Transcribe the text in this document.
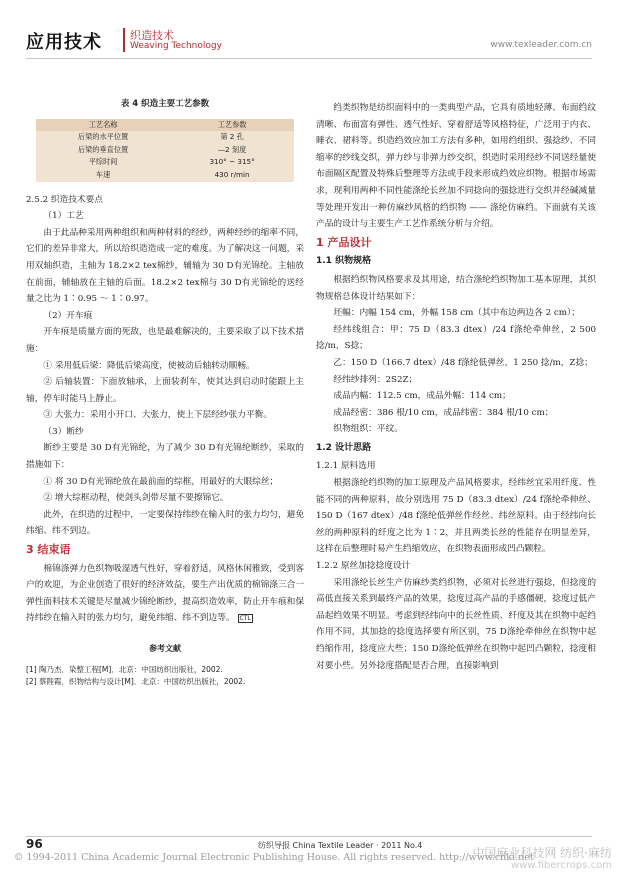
应用技术	织造技术
Weaving Technology	www.texleader.com.cn
表 4 织造主要工艺参数
工艺名称	工艺参数
后梁的水平位置	第 2 孔
后梁的垂直位置	—2 刻度
平综时间	310° ~ 315°
车速	430 r/min

2.5.2 织造技术要点

（1）工艺

由于此品种采用两种组织和两种材料的经纱，两种经纱的缩率不同，它们的差异非常大，所以给织造造成一定的难度。为了解决这一问题，采用双轴织造，主轴为 18.2×2 tex棉纱，辅轴为 30 D有光锦纶。主轴放在前面，辅轴放在主轴的后面。18.2×2 tex棉与 30 D有光锦纶的送经量之比为 1∶0.95 ～ 1∶0.97。

（2）开车痕

开车痕是质量方面的死敌，也是最难解决的，主要采取了以下技术措施：

① 采用低后梁：降低后梁高度，使被动后轴转动顺畅。

② 后轴装置：下面放轴承，上面装刹车，使其达到启动时能跟上主轴，停车时能马上静止。

③ 大张力：采用小开口、大张力，使上下层经纱张力平衡。

（3）断纱

断纱主要是 30 D有光锦纶，为了减少 30 D有光锦纶断纱，采取的措施如下：

① 将 30 D有光锦纶放在最前面的综框，用最好的大眼综丝；

② 增大综框动程，使剑头剑带尽量不要擦锦它。

此外，在织造的过程中，一定要保持纬纱在输入时的张力均匀，避免纬缩、纬不到边。

3 结束语

棉锦涤弹力色织物吸湿透气性好，穿着舒适，风格休闲雅致，受到客户的欢迎，为企业创造了很好的经济效益，要生产出优质的棉锦涤三合一弹性面料技术关键是尽量减少锦纶断纱，提高织造效率，防止开车痕和保持纬纱在输入时的张力均匀，避免纬缩、纬不到边等。 CTL

参考文献
[1] 陶乃杰．染整工程[M]．北京：中国纺织出版社，2002.
[2] 蔡陛霞．织物结构与设计[M]．北京：中国纺织出版社，2002.

绉类织物是纺织面料中的一类典型产品，它具有质地轻薄、布面绉纹清晰、布面富有弹性、透气性好、穿着舒适等风格特征，广泛用于内衣、睡衣、裙料等。织造绉效应加工方法有多种，如用绉组织、强捻纱、不同缩率的纱线交织，弹力纱与非弹力纱交织，织造时采用经纱不同送经量使布面隔区配置及特殊后整理等方法或手段来形成绉效应织物。根据市场需求，现利用两种不同性能涤纶长丝加不同捻向的强捻进行交织并经碱减量等处理开发出一种仿麻纱风格的绉织物 —— 涤纶仿麻绉。下面就有关该产品的设计与主要生产工艺作系统分析与介绍。

1 产品设计
1.1 织物规格

根据绉织物风格要求及其用途，结合涤纶绉织物加工基本原理，其织物规格总体设计结果如下：

坯幅：内幅 154 cm，外幅 158 cm（其中布边两边各 2 cm）；

经纬线组合：甲：75 D（83.3 dtex）/24 f涤纶牵伸丝，2 500 捻/m，S捻；

乙：150 D（166.7 dtex）/48 f涤纶低弹丝，1 250 捻/m，Z捻；

经纬纱排列：2S2Z；

成品内幅：112.5 cm，成品外幅：114 cm；

成品经密：386 根/10 cm，成品纬密：384 根/10 cm；

织物组织：平纹。

1.2 设计思路

1.2.1 原料选用

根据涤纶绉织物的加工原理及产品风格要求，经纬丝宜采用纤度、性能不同的两种原料，故分别选用 75 D（83.3 dtex）/24 f涤纶牵伸丝、150 D（167 dtex）/48 f涤纶低弹丝作经丝、纬丝原料。由于经纬向长丝的两种原料的纤度之比为 1∶2，并且两类长丝的性能存在明显差异，这样在后整理时易产生绉缩效应，在织物表面形成凹凸颗粒。

1.2.2 原丝加捻捻度设计

采用涤纶长丝生产仿麻纱类绉织物，必须对长丝进行强捻，但捻度的高低直接关系到最终产品的效果，捻度过高产品的手感僵硬，捻度过低产品起绉效果不明显。考虑到经纬向中的长丝性质、纤度及其在织物中起绉作用不同，其加捻的捻度选择要有所区别，75 D涤纶牵伸丝在织物中起绉缩作用，捻度应大些；150 D涤纶低弹丝在织物中起凹凸颗粒，捻度相对要小些。另外捻度搭配是否合理，直接影响到

96	纺织导报 China Textile Leader · 2011 No.4
中国麻业科技网 纺织·麻纺
© 1994-2011 China Academic Journal Electronic Publishing House. All rights reserved. http://www.cnki.net
www.fibercrops.com
